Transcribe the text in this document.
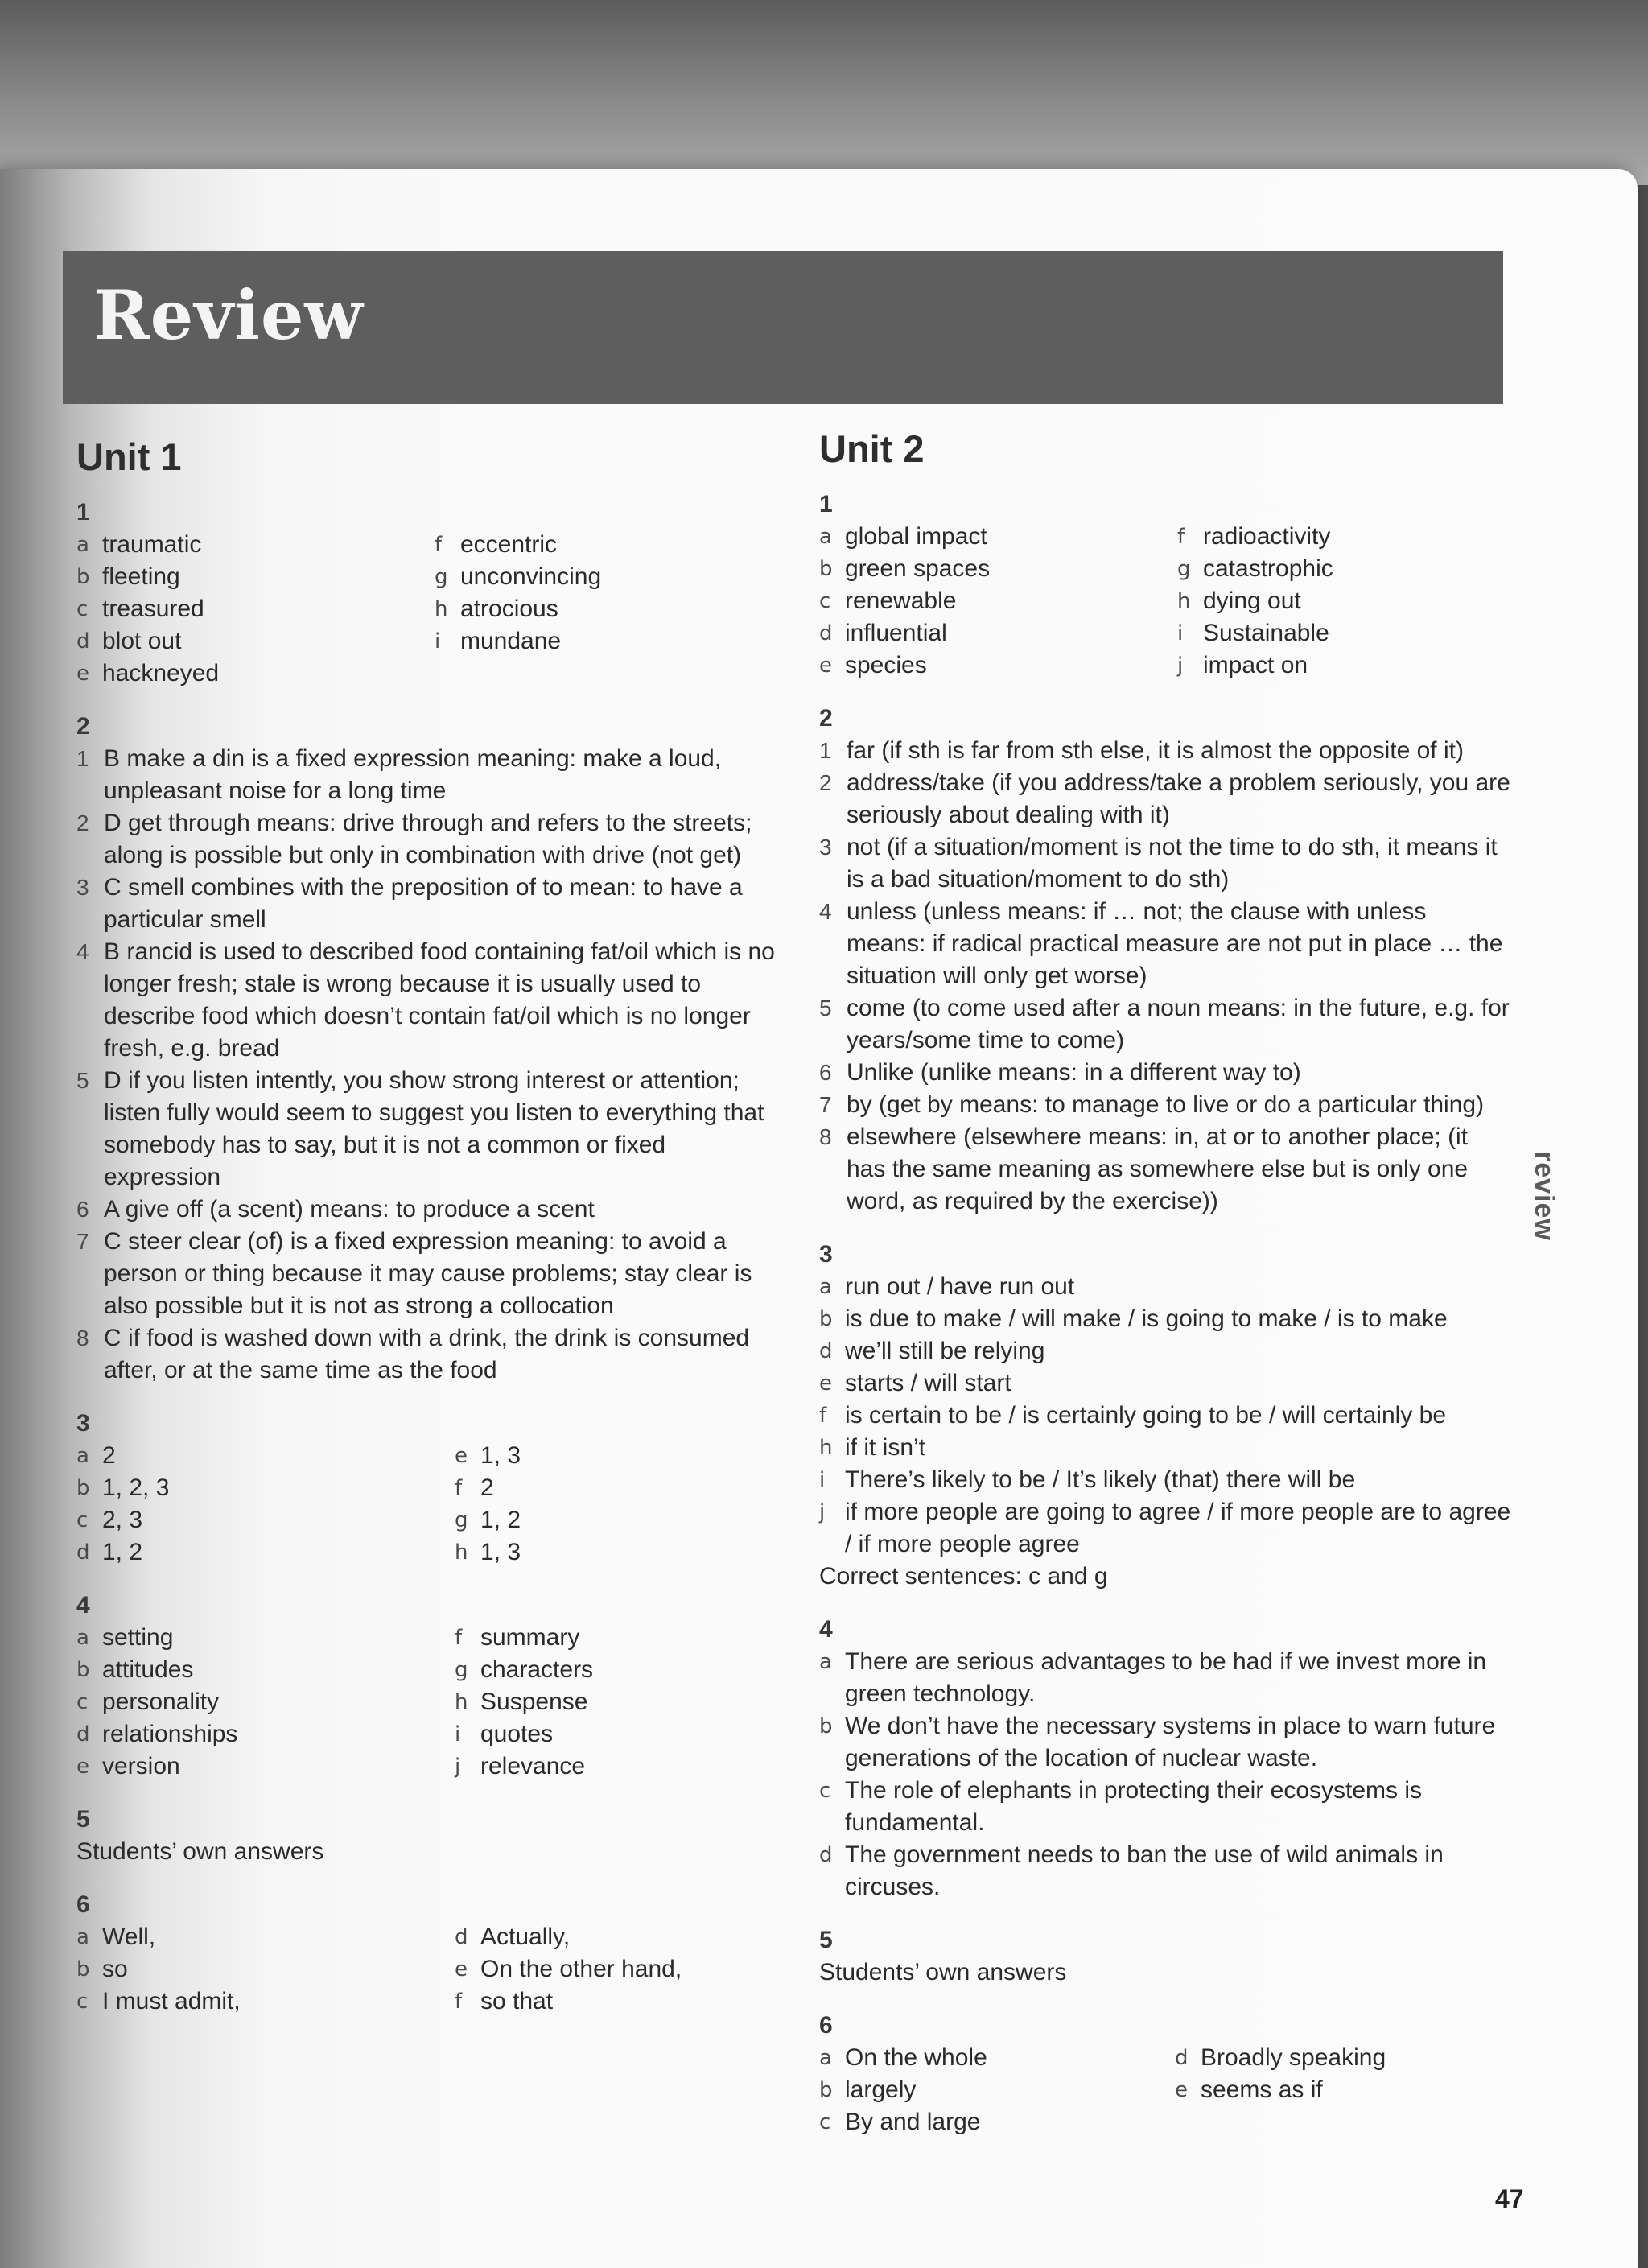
Review
Unit 1
1
a traumatic
b fleeting
c treasured
d blot out
e hackneyed
f eccentric
g unconvincing
h atrocious
i mundane
2
1 B make a din is a fixed expression meaning: make a loud, unpleasant noise for a long time
2 D get through means: drive through and refers to the streets; along is possible but only in combination with drive (not get)
3 C smell combines with the preposition of to mean: to have a particular smell
4 B rancid is used to described food containing fat/oil which is no longer fresh; stale is wrong because it is usually used to describe food which doesn’t contain fat/oil which is no longer fresh, e.g. bread
5 D if you listen intently, you show strong interest or attention; listen fully would seem to suggest you listen to everything that somebody has to say, but it is not a common or fixed expression
6 A give off (a scent) means: to produce a scent
7 C steer clear (of) is a fixed expression meaning: to avoid a person or thing because it may cause problems; stay clear is also possible but it is not as strong a collocation
8 C if food is washed down with a drink, the drink is consumed after, or at the same time as the food
3
a 2
b 1, 2, 3
c 2, 3
d 1, 2
e 1, 3
f 2
g 1, 2
h 1, 3
4
a setting
b attitudes
c personality
d relationships
e version
f summary
g characters
h Suspense
i quotes
j relevance
5
Students’ own answers
6
a Well,
b so
c I must admit,
d Actually,
e On the other hand,
f so that
Unit 2
1
a global impact
b green spaces
c renewable
d influential
e species
f radioactivity
g catastrophic
h dying out
i Sustainable
j impact on
2
1 far (if sth is far from sth else, it is almost the opposite of it)
2 address/take (if you address/take a problem seriously, you are seriously about dealing with it)
3 not (if a situation/moment is not the time to do sth, it means it is a bad situation/moment to do sth)
4 unless (unless means: if … not; the clause with unless means: if radical practical measure are not put in place … the situation will only get worse)
5 come (to come used after a noun means: in the future, e.g. for years/some time to come)
6 Unlike (unlike means: in a different way to)
7 by (get by means: to manage to live or do a particular thing)
8 elsewhere (elsewhere means: in, at or to another place; (it has the same meaning as somewhere else but is only one word, as required by the exercise))
3
a run out / have run out
b is due to make / will make / is going to make / is to make
d we’ll still be relying
e starts / will start
f is certain to be / is certainly going to be / will certainly be
h if it isn’t
i There’s likely to be / It’s likely (that) there will be
j if more people are going to agree / if more people are to agree / if more people agree
Correct sentences: c and g
4
a There are serious advantages to be had if we invest more in green technology.
b We don’t have the necessary systems in place to warn future generations of the location of nuclear waste.
c The role of elephants in protecting their ecosystems is fundamental.
d The government needs to ban the use of wild animals in circuses.
5
Students’ own answers
6
a On the whole
b largely
c By and large
d Broadly speaking
e seems as if
review
47
